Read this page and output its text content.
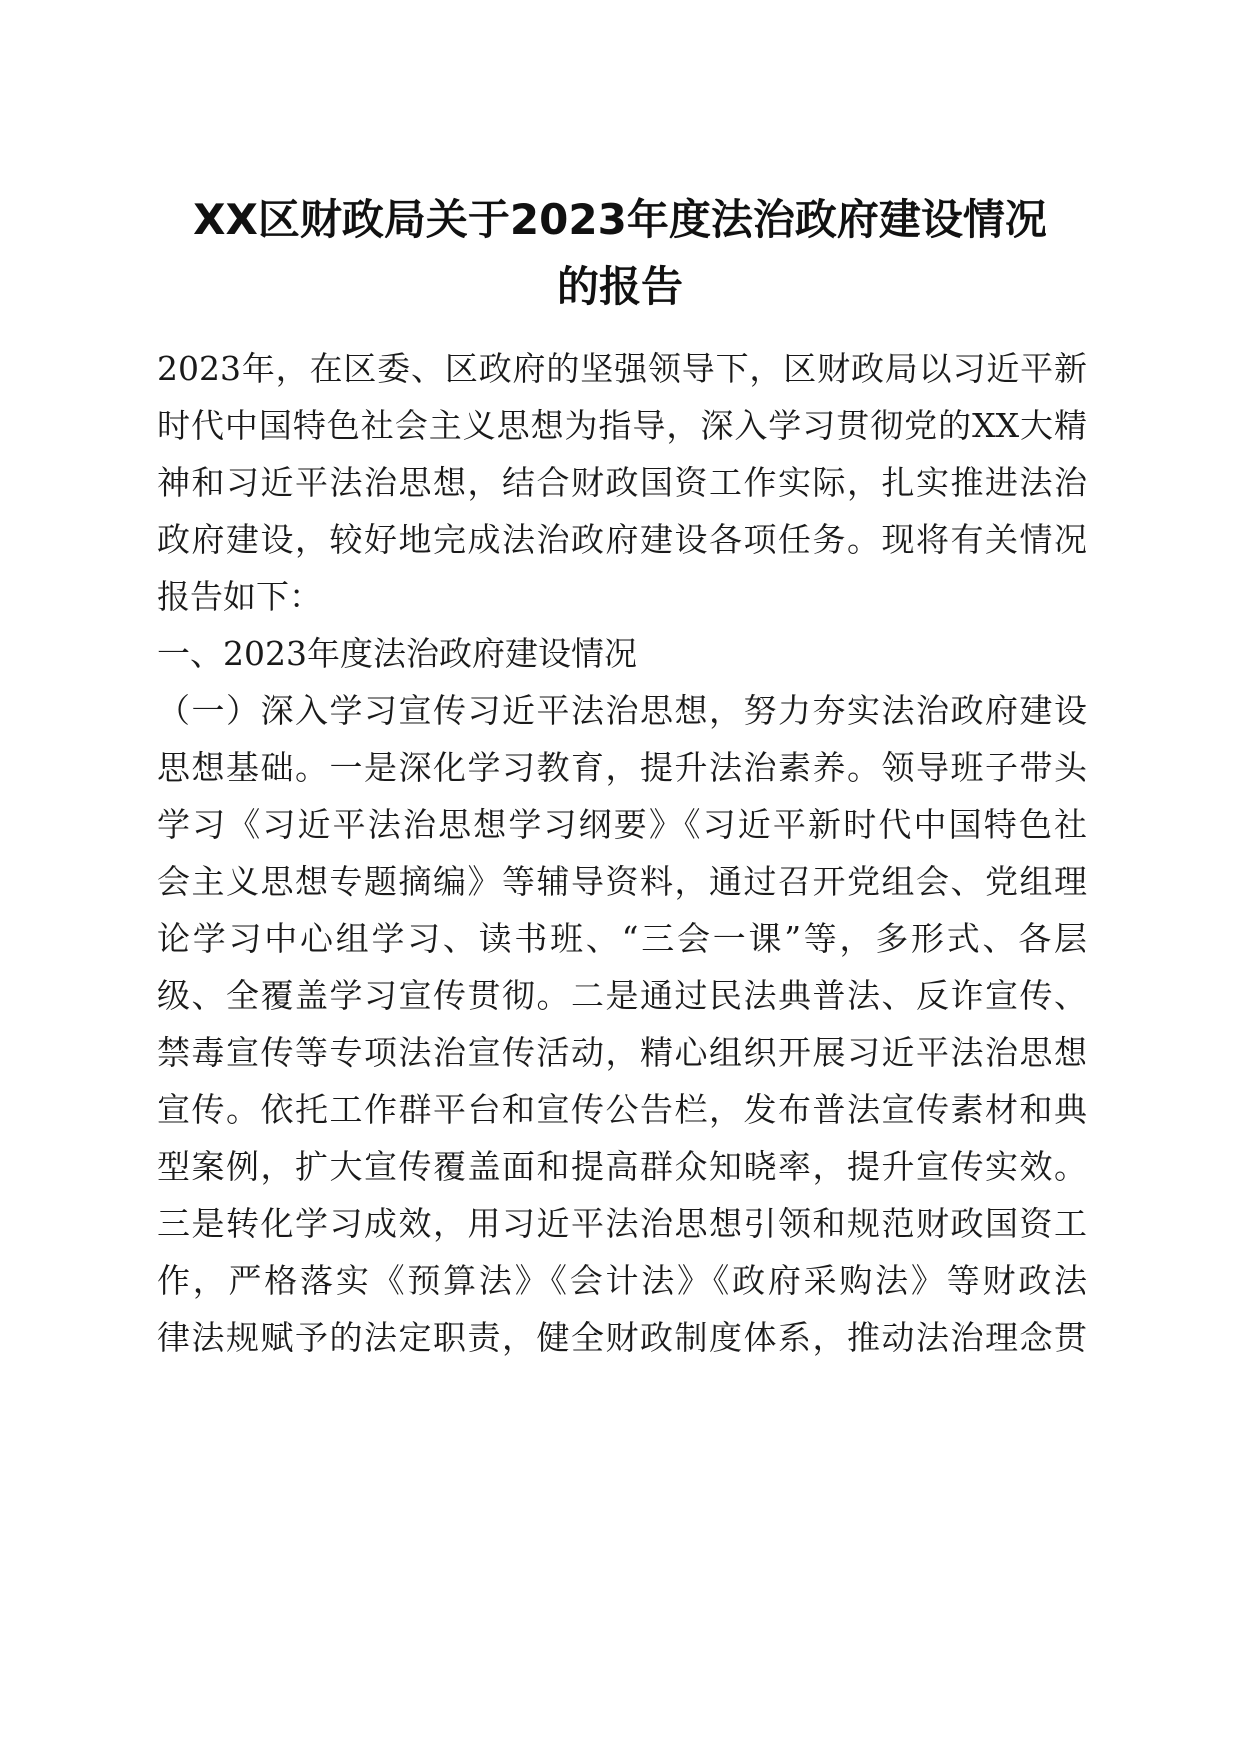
XX区财政局关于2023年度法治政府建设情况
的报告
2023年，在区委、区政府的坚强领导下，区财政局以习近平新
时代中国特色社会主义思想为指导，深入学习贯彻党的XX大精
神和习近平法治思想，结合财政国资工作实际，扎实推进法治
政府建设，较好地完成法治政府建设各项任务。现将有关情况
报告如下：
一、2023年度法治政府建设情况
（一）深入学习宣传习近平法治思想，努力夯实法治政府建设
思想基础。一是深化学习教育，提升法治素养。领导班子带头
学习《习近平法治思想学习纲要》《习近平新时代中国特色社
会主义思想专题摘编》等辅导资料，通过召开党组会、党组理
论学习中心组学习、读书班、“三会一课”等，多形式、各层
级、全覆盖学习宣传贯彻。二是通过民法典普法、反诈宣传、
禁毒宣传等专项法治宣传活动，精心组织开展习近平法治思想
宣传。依托工作群平台和宣传公告栏，发布普法宣传素材和典
型案例，扩大宣传覆盖面和提高群众知晓率，提升宣传实效。
三是转化学习成效，用习近平法治思想引领和规范财政国资工
作，严格落实《预算法》《会计法》《政府采购法》等财政法
律法规赋予的法定职责，健全财政制度体系，推动法治理念贯
